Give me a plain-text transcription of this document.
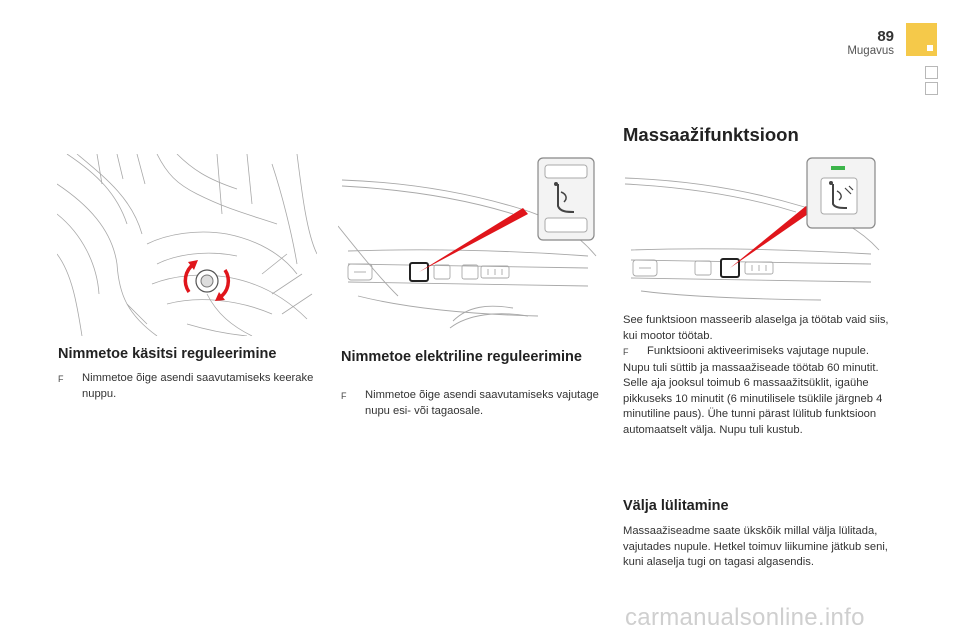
89
Mugavus
Nimmetoe käsitsi reguleerimine
F	Nimmetoe õige asendi saavutamiseks keerake nuppu.
Nimmetoe elektriline reguleerimine
F	Nimmetoe õige asendi saavutamiseks vajutage nupu esi- või tagaosale.
Massaažifunktsioon
See funktsioon masseerib alaselga ja töötab vaid siis, kui mootor töötab.
F	Funktsiooni aktiveerimiseks vajutage nupule.
Nupu tuli süttib ja massaažiseade töötab 60 minutit. Selle aja jooksul toimub 6 massaažitsüklit, igaühe pikkuseks 10 minutit (6 minutilisele tsüklile järgneb 4 minutiline paus). Ühe tunni pärast lülitub funktsioon automaatselt välja. Nupu tuli kustub.
Välja lülitamine
Massaažiseadme saate ükskõik millal välja lülitada, vajutades nupule. Hetkel toimuv liikumine jätkub seni, kuni alaselja tugi on tagasi algasendis.
carmanualsonline.info
